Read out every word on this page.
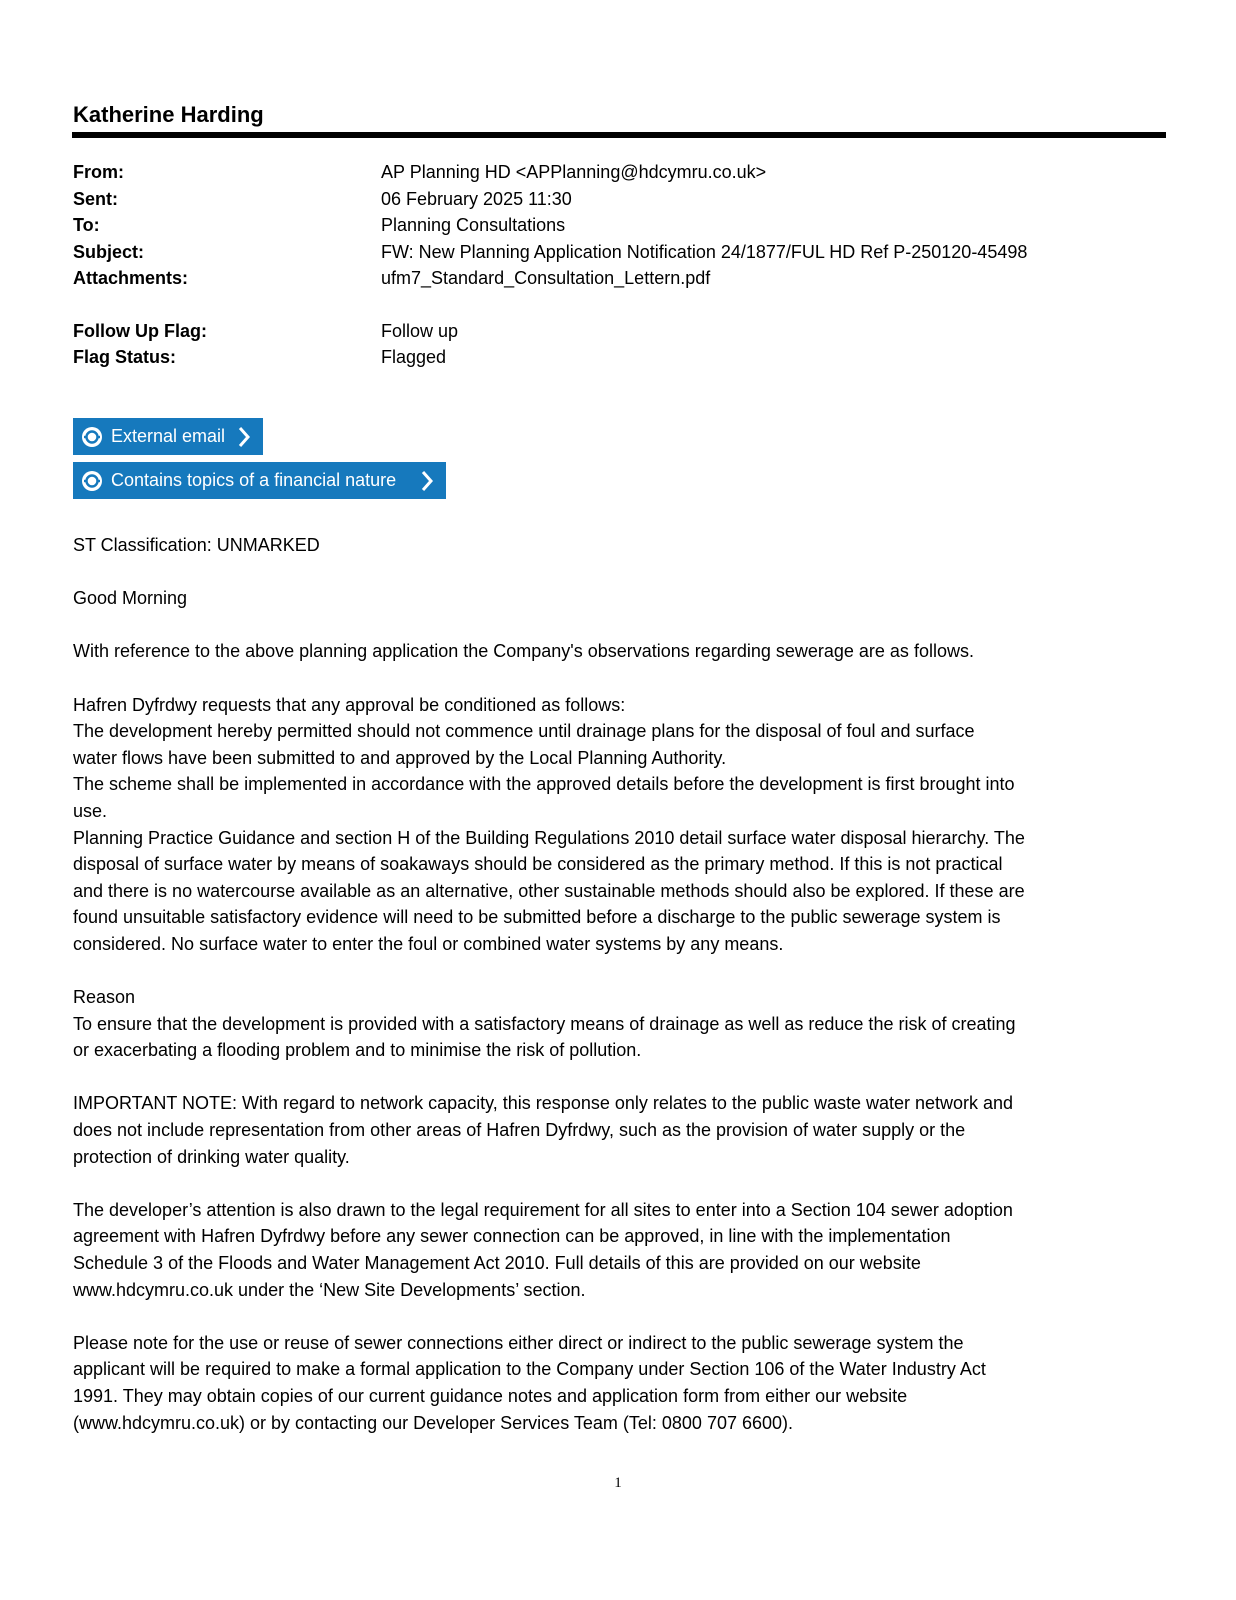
Katherine Harding
From:	AP Planning HD <APPlanning@hdcymru.co.uk>
Sent:	06 February 2025 11:30
To:	Planning Consultations
Subject:	FW: New Planning Application Notification 24/1877/FUL HD Ref P-250120-45498
Attachments:	ufm7_Standard_Consultation_Lettern.pdf
Follow Up Flag:	Follow up
Flag Status:	Flagged
External email
Contains topics of a financial nature

ST Classification: UNMARKED

Good Morning

With reference to the above planning application the Company's observations regarding sewerage are as follows.

Hafren Dyfrdwy requests that any approval be conditioned as follows:
The development hereby permitted should not commence until drainage plans for the disposal of foul and surface
water flows have been submitted to and approved by the Local Planning Authority.
The scheme shall be implemented in accordance with the approved details before the development is first brought into
use.
Planning Practice Guidance and section H of the Building Regulations 2010 detail surface water disposal hierarchy. The
disposal of surface water by means of soakaways should be considered as the primary method. If this is not practical
and there is no watercourse available as an alternative, other sustainable methods should also be explored. If these are
found unsuitable satisfactory evidence will need to be submitted before a discharge to the public sewerage system is
considered. No surface water to enter the foul or combined water systems by any means.

Reason
To ensure that the development is provided with a satisfactory means of drainage as well as reduce the risk of creating
or exacerbating a flooding problem and to minimise the risk of pollution.

IMPORTANT NOTE: With regard to network capacity, this response only relates to the public waste water network and
does not include representation from other areas of Hafren Dyfrdwy, such as the provision of water supply or the
protection of drinking water quality.

The developer’s attention is also drawn to the legal requirement for all sites to enter into a Section 104 sewer adoption
agreement with Hafren Dyfrdwy before any sewer connection can be approved, in line with the implementation
Schedule 3 of the Floods and Water Management Act 2010. Full details of this are provided on our website
www.hdcymru.co.uk under the ‘New Site Developments’ section.

Please note for the use or reuse of sewer connections either direct or indirect to the public sewerage system the
applicant will be required to make a formal application to the Company under Section 106 of the Water Industry Act
1991. They may obtain copies of our current guidance notes and application form from either our website
(www.hdcymru.co.uk) or by contacting our Developer Services Team (Tel: 0800 707 6600).

1
